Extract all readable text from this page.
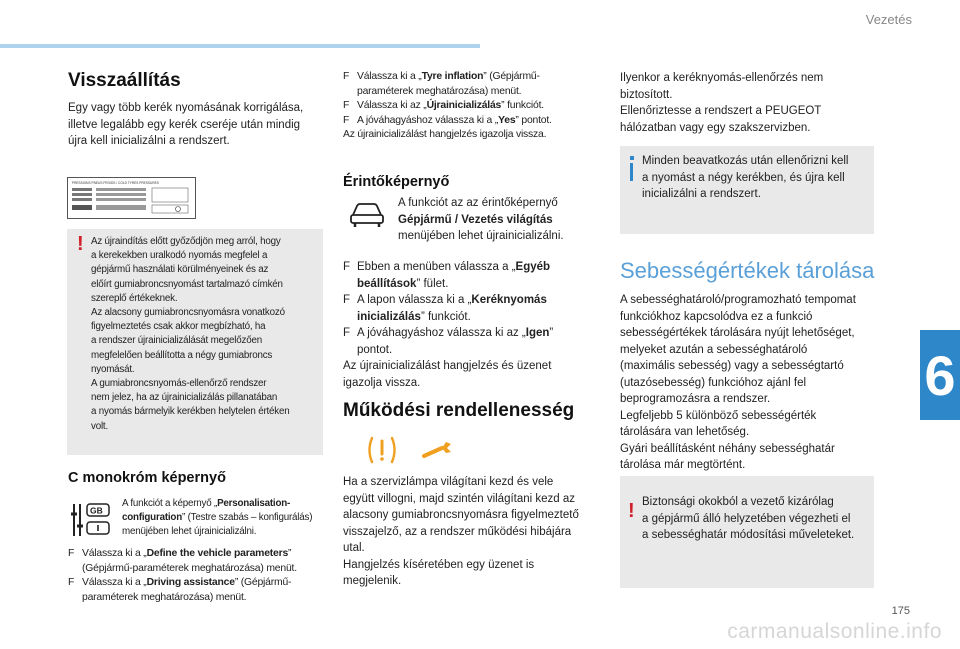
Vezetés
6
175
carmanualsonline.info
Visszaállítás
Egy vagy több kerék nyomásának korrigálása,
illetve legalább egy kerék cseréje után mindig
újra kell inicializálni a rendszert.
PRESSIONS PNEUS FROIDS / COLD TYRES PRESSURES
! Az újraindítás előtt győződjön meg arról, hogy
a kerekekben uralkodó nyomás megfelel a
gépjármű használati körülményeinek és az
előírt gumiabroncsnyomást tartalmazó címkén
szereplő értékeknek.
Az alacsony gumiabroncsnyomásra vonatkozó
figyelmeztetés csak akkor megbízható, ha
a rendszer újrainicializálását megelőzően
megfelelően beállította a négy gumiabroncs
nyomását.
A gumiabroncsnyomás-ellenőrző rendszer
nem jelez, ha az újrainicializálás pillanatában
a nyomás bármelyik kerékben helytelen értéken
volt.
C monokróm képernyő
GB
A funkciót a képernyő „Personalisation-
configuration” (Testre szabás – konfigurálás)
menüjében lehet újrainicializálni.
F Válassza ki a „Define the vehicle parameters”
(Gépjármű-paraméterek meghatározása) menüt.
F Válassza ki a „Driving assistance” (Gépjármű-
paraméterek meghatározása) menüt.
F Válassza ki a „Tyre inflation” (Gépjármű-
paraméterek meghatározása) menüt.
F Válassza ki az „Újrainicializálás” funkciót.
F A jóváhagyáshoz válassza ki a „Yes” pontot.
Az újrainicializálást hangjelzés igazolja vissza.
Érintőképernyő
A funkciót az az érintőképernyő
Gépjármű / Vezetés világítás
menüjében lehet újrainicializálni.
F Ebben a menüben válassza a „Egyéb
beállítások” fület.
F A lapon válassza ki a „Keréknyomás
inicializálás” funkciót.
F A jóváhagyáshoz válassza ki az „Igen”
pontot.
Az újrainicializálást hangjelzés és üzenet
igazolja vissza.
Működési rendellenesség
Ha a szervizlámpa világítani kezd és vele
együtt villogni, majd szintén világítani kezd az
alacsony gumiabroncsnyomásra figyelmeztető
visszajelző, az a rendszer működési hibájára
utal.
Hangjelzés kíséretében egy üzenet is
megjelenik.
Ilyenkor a keréknyomás-ellenőrzés nem
biztosított.
Ellenőriztesse a rendszert a PEUGEOT
hálózatban vagy egy szakszervizben.
Minden beavatkozás után ellenőrizni kell
a nyomást a négy kerékben, és újra kell
inicializálni a rendszert.
Sebességértékek tárolása
A sebességhatároló/programozható tempomat
funkciókhoz kapcsolódva ez a funkció
sebességértékek tárolására nyújt lehetőséget,
melyeket azután a sebességhatároló
(maximális sebesség) vagy a sebességtartó
(utazósebesség) funkcióhoz ajánl fel
beprogramozásra a rendszer.
Legfeljebb 5 különböző sebességérték
tárolására van lehetőség.
Gyári beállításként néhány sebességhatár
tárolása már megtörtént.
! Biztonsági okokból a vezető kizárólag
a gépjármű álló helyzetében végezheti el
a sebességhatár módosítási műveleteket.
